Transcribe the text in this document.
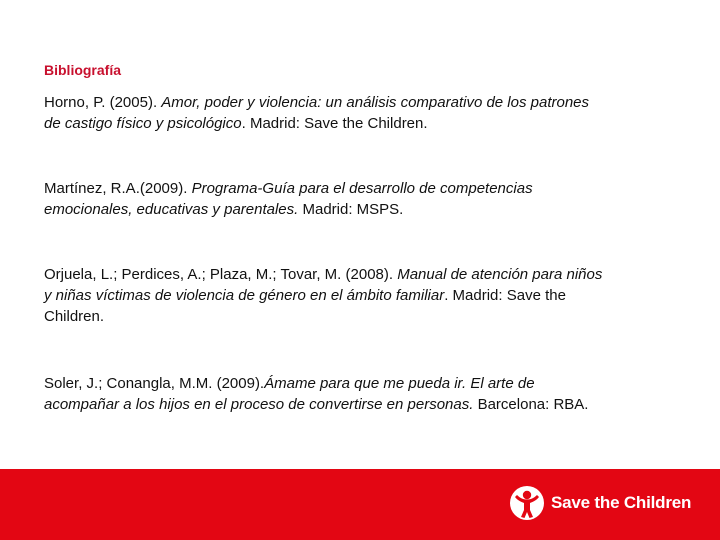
Bibliografía
Horno, P. (2005). Amor, poder y violencia: un análisis comparativo de los patrones de castigo físico y psicológico. Madrid: Save the Children.
Martínez, R.A.(2009). Programa-Guía para el desarrollo de competencias emocionales, educativas y parentales. Madrid: MSPS.
Orjuela, L.; Perdices, A.; Plaza, M.; Tovar, M. (2008). Manual de atención para niños y niñas víctimas de violencia de género en el ámbito familiar. Madrid: Save the Children.
Soler, J.; Conangla, M.M. (2009).Ámame para que me pueda ir. El arte de acompañar a los hijos en el proceso de convertirse en personas. Barcelona: RBA.
Save the Children
